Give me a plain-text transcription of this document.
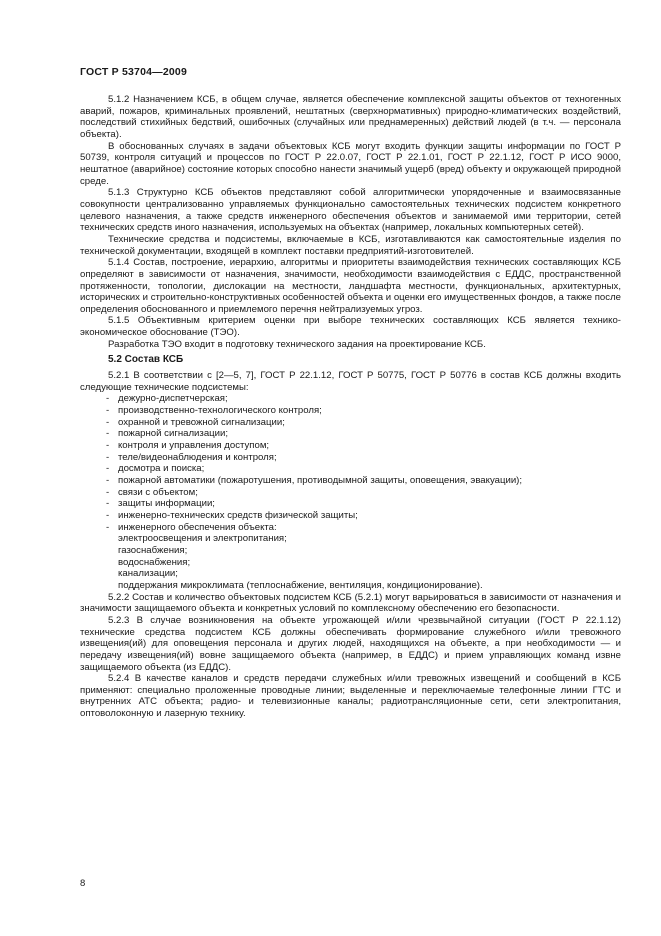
ГОСТ Р 53704—2009

5.1.2 Назначением КСБ, в общем случае, является обеспечение комплексной защиты объектов от техногенных аварий, пожаров, криминальных проявлений, нештатных (сверхнормативных) природно-климатических воздействий, последствий стихийных бедствий, ошибочных (случайных или преднамеренных) действий людей (в т.ч. — персонала объекта).

В обоснованных случаях в задачи объектовых КСБ могут входить функции защиты информации по ГОСТ Р 50739, контроля ситуаций и процессов по ГОСТ Р 22.0.07, ГОСТ Р 22.1.01, ГОСТ Р 22.1.12, ГОСТ Р ИСО 9000, нештатное (аварийное) состояние которых способно нанести значимый ущерб (вред) объекту и окружающей природной среде.

5.1.3 Структурно КСБ объектов представляют собой алгоритмически упорядоченные и взаимосвязанные совокупности централизованно управляемых функционально самостоятельных технических подсистем конкретного целевого назначения, а также средств инженерного обеспечения объектов и занимаемой ими территории, сетей технических средств иного назначения, используемых на объектах (например, локальных компьютерных сетей).

Технические средства и подсистемы, включаемые в КСБ, изготавливаются как самостоятельные изделия по технической документации, входящей в комплект поставки предприятий-изготовителей.

5.1.4 Состав, построение, иерархию, алгоритмы и приоритеты взаимодействия технических составляющих КСБ определяют в зависимости от назначения, значимости, необходимости взаимодействия с ЕДДС, пространственной протяженности, топологии, дислокации на местности, ландшафта местности, функциональных, архитектурных, исторических и строительно-конструктивных особенностей объекта и оценки его имущественных фондов, а также после определения обоснованного и приемлемого перечня нейтрализуемых угроз.

5.1.5 Объективным критерием оценки при выборе технических составляющих КСБ является технико-экономическое обоснование (ТЭО).

Разработка ТЭО входит в подготовку технического задания на проектирование КСБ.

5.2 Состав КСБ

5.2.1 В соответствии с [2—5, 7], ГОСТ Р 22.1.12, ГОСТ Р 50775, ГОСТ Р 50776 в состав КСБ должны входить следующие технические подсистемы:

- дежурно-диспетчерская;
- производственно-технологического контроля;
- охранной и тревожной сигнализации;
- пожарной сигнализации;
- контроля и управления доступом;
- теле/видеонаблюдения и контроля;
- досмотра и поиска;
- пожарной автоматики (пожаротушения, противодымной защиты, оповещения, эвакуации);
- связи с объектом;
- защиты информации;
- инженерно-технических средств физической защиты;
- инженерного обеспечения объекта:
электроосвещения и электропитания;
газоснабжения;
водоснабжения;
канализации;
поддержания микроклимата (теплоснабжение, вентиляция, кондиционирование).

5.2.2 Состав и количество объектовых подсистем КСБ (5.2.1) могут варьироваться в зависимости от назначения и значимости защищаемого объекта и конкретных условий по комплексному обеспечению его безопасности.

5.2.3 В случае возникновения на объекте угрожающей и/или чрезвычайной ситуации (ГОСТ Р 22.1.12) технические средства подсистем КСБ должны обеспечивать формирование служебного и/или тревожного извещения(ий) для оповещения персонала и других людей, находящихся на объекте, а при необходимости — и передачу извещения(ий) вовне защищаемого объекта (например, в ЕДДС) и прием управляющих команд извне защищаемого объекта (из ЕДДС).

5.2.4 В качестве каналов и средств передачи служебных и/или тревожных извещений и сообщений в КСБ применяют: специально проложенные проводные линии; выделенные и переключаемые телефонные линии ГТС и внутренних АТС объекта; радио- и телевизионные каналы; радиотрансляционные сети, сети электропитания, оптоволоконную и лазерную технику.

8
